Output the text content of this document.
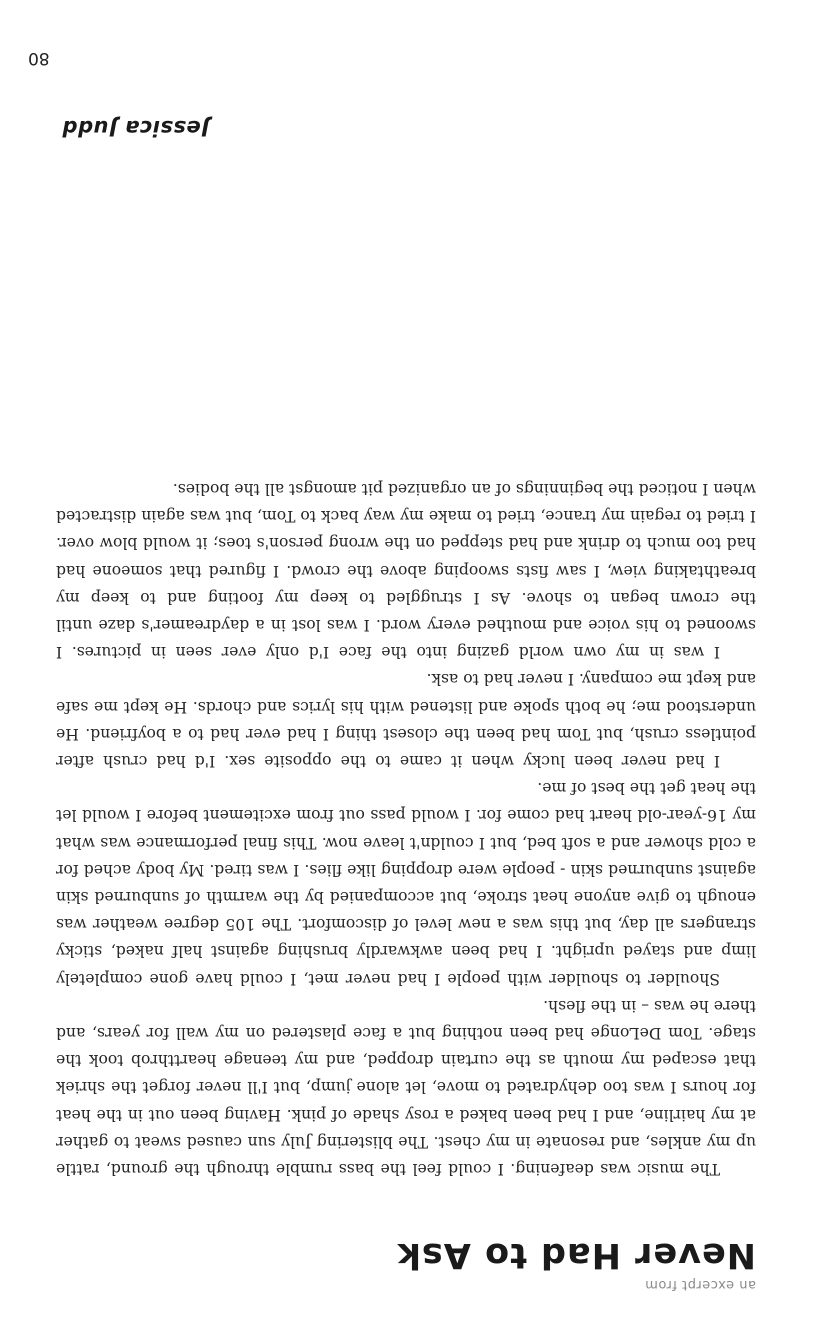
an excerpt from
Never Had to Ask

The music was deafening. I could feel the bass rumble through the ground, rattle up my ankles, and resonate in my chest. The blistering July sun caused sweat to gather at my hairline, and I had been baked a rosy shade of pink. Having been out in the heat for hours I was too dehydrated to move, let alone jump, but I'll never forget the shriek that escaped my mouth as the curtain dropped, and my teenage heartthrob took the stage. Tom DeLonge had been nothing but a face plastered on my wall for years, and there he was – in the flesh.

Shoulder to shoulder with people I had never met, I could have gone completely limp and stayed upright. I had been awkwardly brushing against half naked, sticky strangers all day, but this was a new level of discomfort. The 105 degree weather was enough to give anyone heat stroke, but accompanied by the warmth of sunburned skin against sunburned skin - people were dropping like flies. I was tired. My body ached for a cold shower and a soft bed, but I couldn't leave now. This final performance was what my 16-year-old heart had come for. I would pass out from excitement before I would let the heat get the best of me.

I had never been lucky when it came to the opposite sex. I'd had crush after pointless crush, but Tom had been the closest thing I had ever had to a boyfriend. He understood me; he both spoke and listened with his lyrics and chords. He kept me safe and kept me company. I never had to ask.

I was in my own world gazing into the face I'd only ever seen in pictures. I swooned to his voice and mouthed every word. I was lost in a daydreamer's daze until the crown began to shove. As I struggled to keep my footing and to keep my breathtaking view, I saw fists swooping above the crowd. I figured that someone had had too much to drink and had stepped on the wrong person's toes; it would blow over. I tried to regain my trance, tried to make my way back to Tom, but was again distracted when I noticed the beginnings of an organized pit amongst all the bodies.

Jessica Judd
80
